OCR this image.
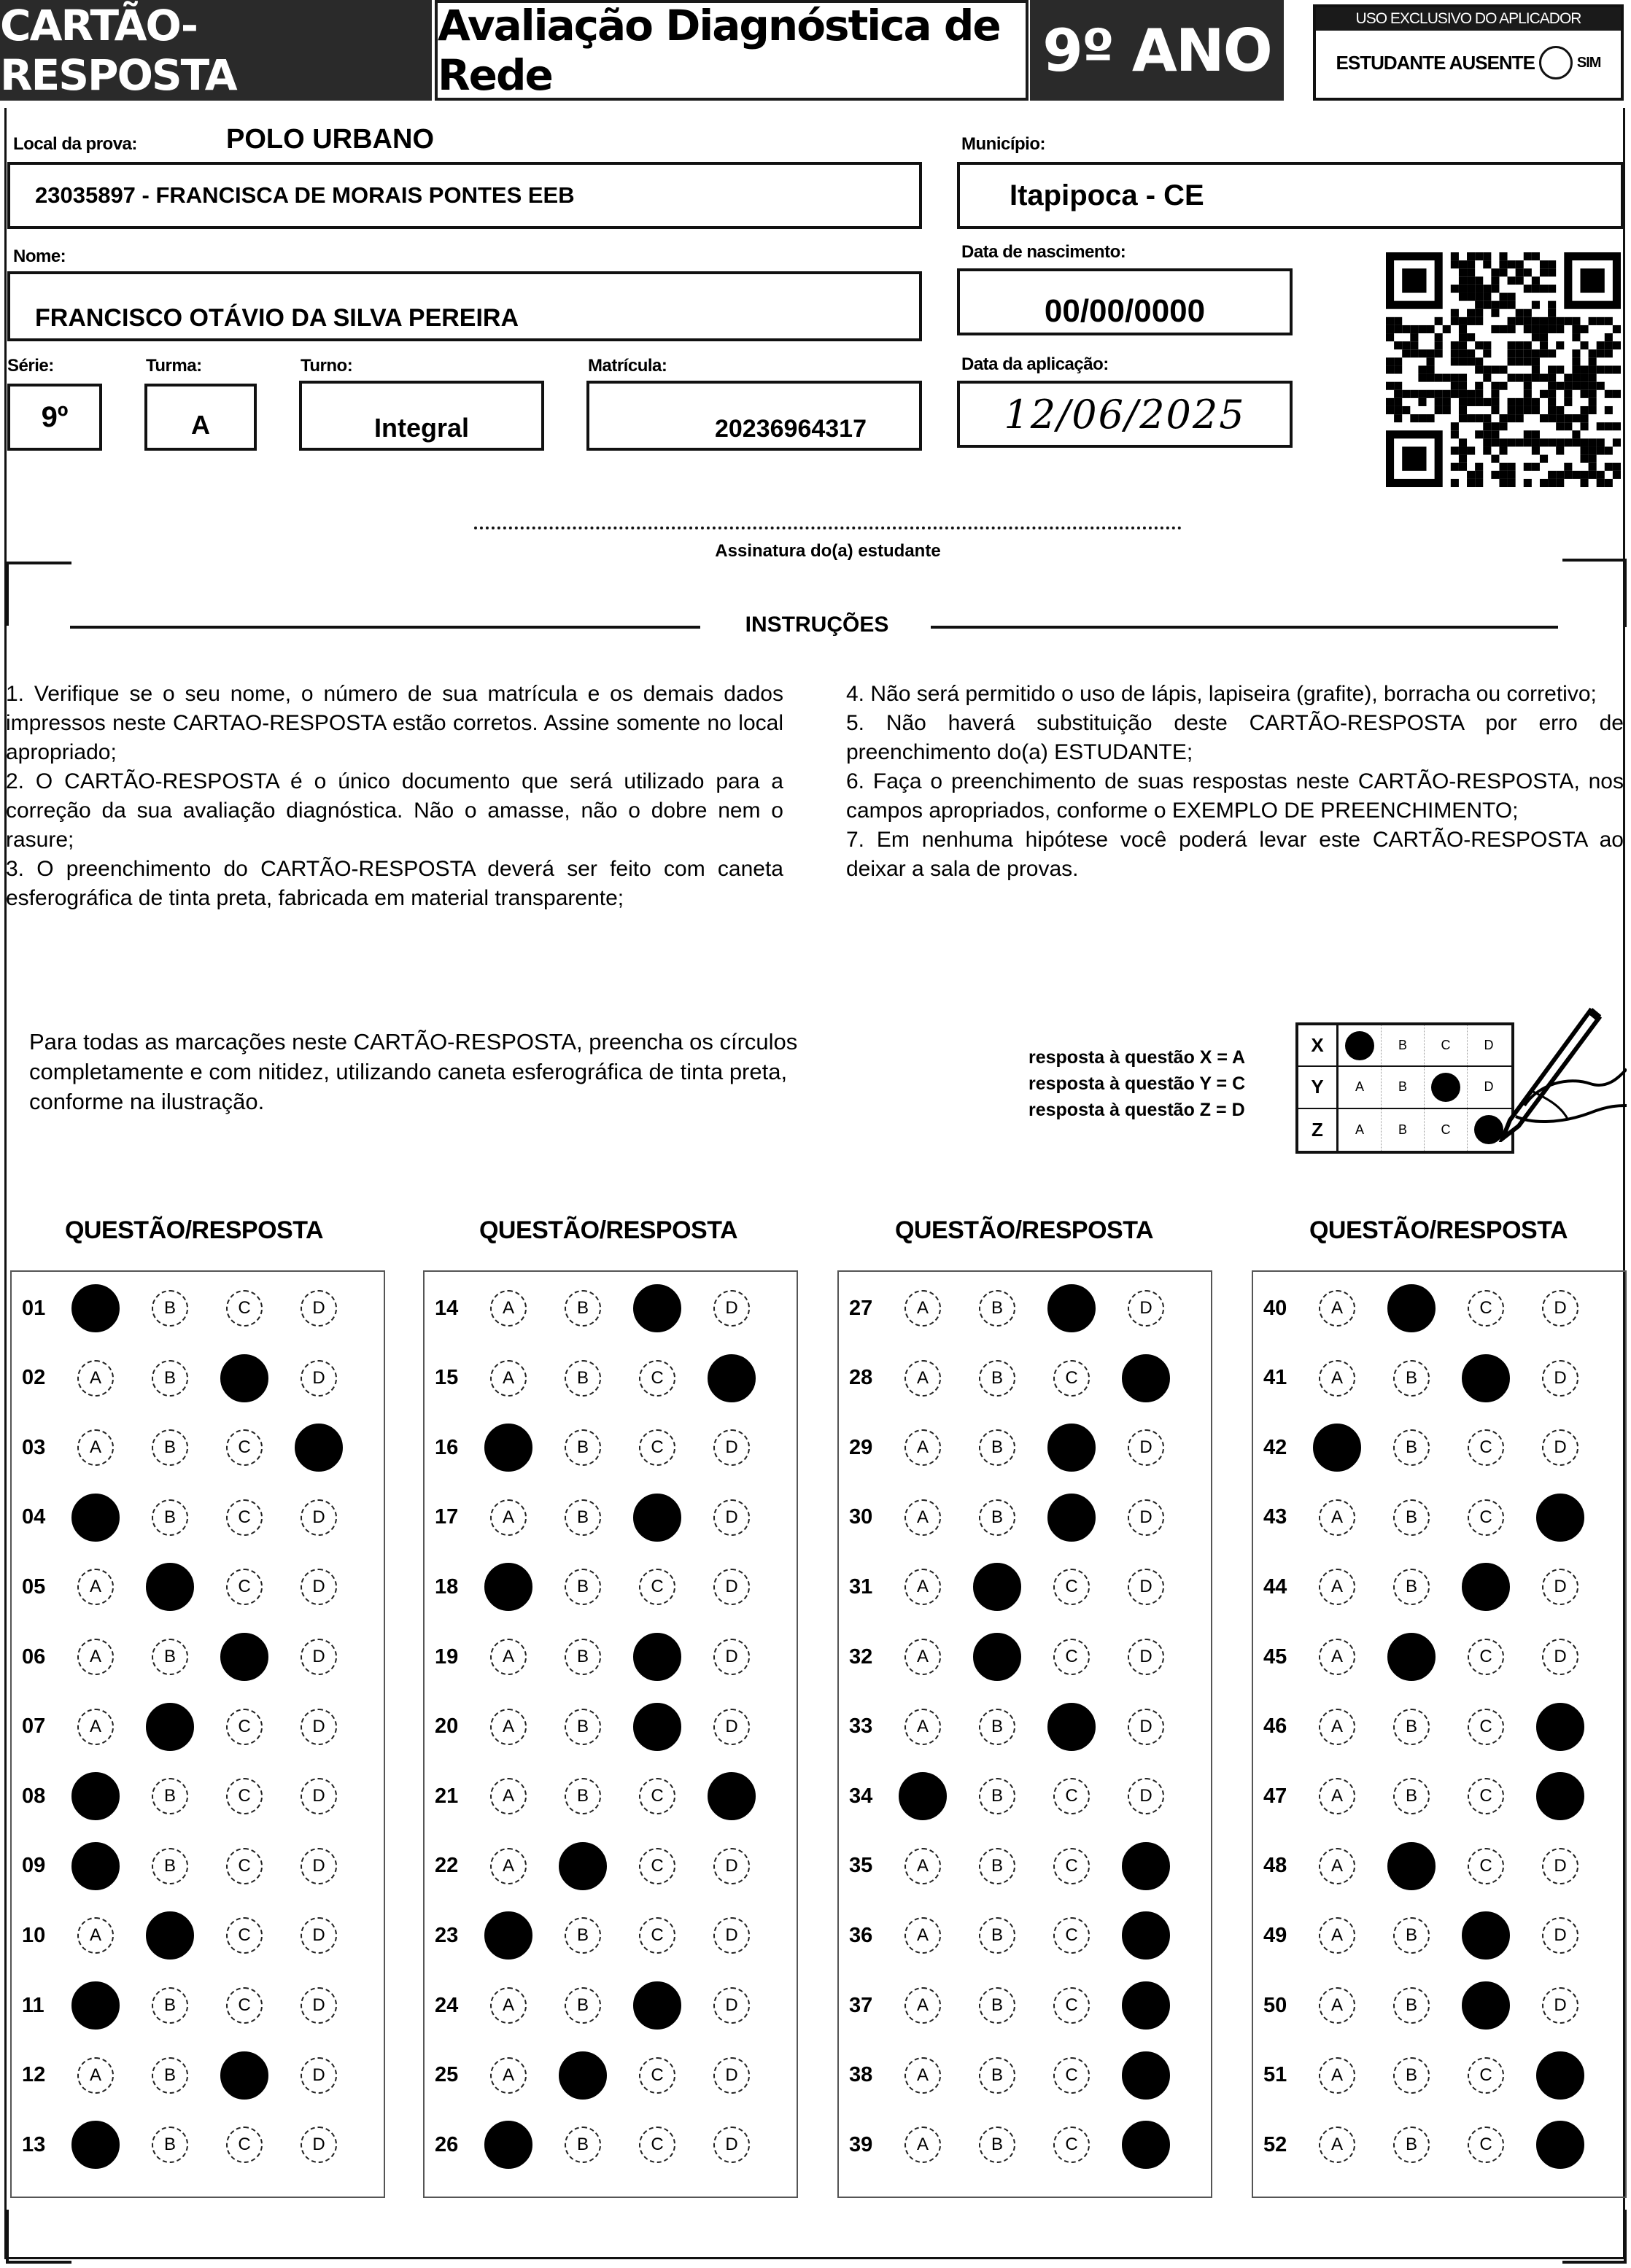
CARTÃO-RESPOSTA
Avaliação Diagnóstica de Rede	9º ANO	USO EXCLUSIVO DO APLICADOR
ESTUDANTE AUSENTE	SIM
Local da prova:	POLO URBANO
23035897 - FRANCISCA DE MORAIS PONTES EEB
Município:
Itapipoca - CE
Nome:
FRANCISCO OTÁVIO DA SILVA PEREIRA
Data de nascimento:
00/00/0000
Série:
9º
Turma:
A
Turno:
Integral
Matrícula:
20236964317
Data da aplicação:
12/06/2025
Assinatura do(a) estudante
INSTRUÇÕES

1. Verifique se o seu nome, o número de sua matrícula e os demais dados impressos neste CARTAO-RESPOSTA estão corretos. Assine somente no local apropriado;

2. O CARTÃO-RESPOSTA é o único documento que será utilizado para a correção da sua avaliação diagnóstica. Não o amasse, não o dobre nem o rasure;

3. O preenchimento do CARTÃO-RESPOSTA deverá ser feito com caneta esferográfica de tinta preta, fabricada em material transparente;

4. Não será permitido o uso de lápis, lapiseira (grafite), borracha ou corretivo;

5. Não haverá substituição deste CARTÃO-RESPOSTA por erro de preenchimento do(a) ESTUDANTE;

6. Faça o preenchimento de suas respostas neste CARTÃO-RESPOSTA, nos campos apropriados, conforme o EXEMPLO DE PREENCHIMENTO;

7. Em nenhuma hipótese você poderá levar este CARTÃO-RESPOSTA ao deixar a sala de provas.

Para todas as marcações neste CARTÃO-RESPOSTA, preencha os círculos completamente e com nitidez, utilizando caneta esferográfica de tinta preta, conforme na ilustração.
resposta à questão X = A
resposta à questão Y = C
resposta à questão Z = D
X	B	C	D
Y	A	B	D
Z	A	B	C
QUESTÃO/RESPOSTA	QUESTÃO/RESPOSTA	QUESTÃO/RESPOSTA	QUESTÃO/RESPOSTA
01	B	C	D
02	A	B	D
03	A	B	C
04	B	C	D
05	A	C	D
06	A	B	D
07	A	C	D
08	B	C	D
09	B	C	D
10	A	C	D
11	B	C	D
12	A	B	D
13	B	C	D
14	A	B	D
15	A	B	C
16	B	C	D
17	A	B	D
18	B	C	D
19	A	B	D
20	A	B	D
21	A	B	C
22	A	C	D
23	B	C	D
24	A	B	D
25	A	C	D
26	B	C	D
27	A	B	D
28	A	B	C
29	A	B	D
30	A	B	D
31	A	C	D
32	A	C	D
33	A	B	D
34	B	C	D
35	A	B	C
36	A	B	C
37	A	B	C
38	A	B	C
39	A	B	C
40	A	C	D
41	A	B	D
42	B	C	D
43	A	B	C
44	A	B	D
45	A	C	D
46	A	B	C
47	A	B	C
48	A	C	D
49	A	B	D
50	A	B	D
51	A	B	C
52	A	B	C
